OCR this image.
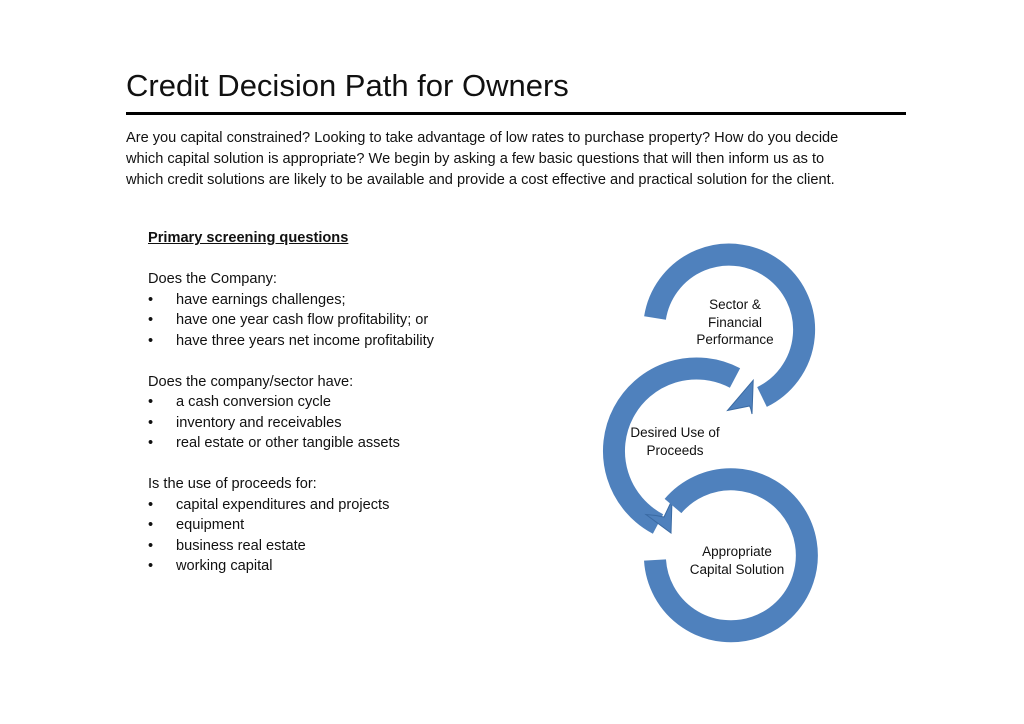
Credit Decision Path for Owners
Are you capital constrained? Looking to take advantage of low rates to purchase property? How do you decide
which capital solution is appropriate? We begin by asking a few basic questions that will then inform us as to
which credit solutions are likely to be available and provide a cost effective and practical solution for the client.
Primary screening questions
Does the Company:
• have earnings challenges;
• have one year cash flow profitability; or
• have three years net income profitability
Does the company/sector have:
• a cash conversion cycle
• inventory and receivables
• real estate or other tangible assets
Is the use of proceeds for:
• capital expenditures and projects
• equipment
• business real estate
• working capital
Sector &
Financial
Performance
Desired Use of
Proceeds
Appropriate
Capital Solution
